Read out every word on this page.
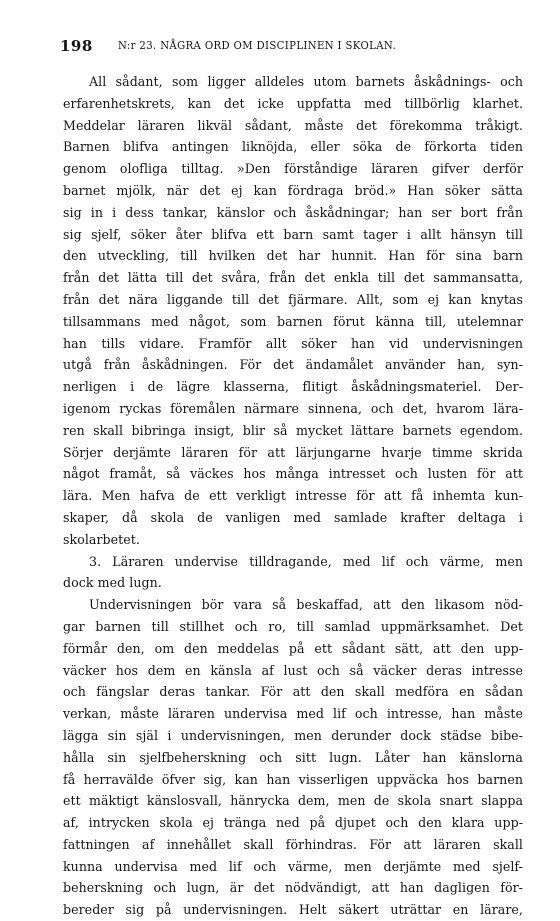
198 N:r 23. NÅGRA ORD OM DISCIPLINEN I SKOLAN.
All sådant, som ligger alldeles utom barnets åskådnings- och
erfarenhetskrets, kan det icke uppfatta med tillbörlig klarhet.
Meddelar läraren likväl sådant, måste det förekomma tråkigt.
Barnen blifva antingen liknöjda, eller söka de förkorta tiden
genom olofliga tilltag. »Den förståndige läraren gifver derför
barnet mjölk, när det ej kan fördraga bröd.» Han söker sätta
sig in i dess tankar, känslor och åskådningar; han ser bort från
sig sjelf, söker åter blifva ett barn samt tager i allt hänsyn till
den utveckling, till hvilken det har hunnit. Han för sina barn
från det lätta till det svåra, från det enkla till det sammansatta,
från det nära liggande till det fjärmare. Allt, som ej kan knytas
tillsammans med något, som barnen förut känna till, utelemnar
han tills vidare. Framför allt söker han vid undervisningen
utgå från åskådningen. För det ändamålet använder han, syn-
nerligen i de lägre klasserna, flitigt åskådningsmateriel. Der-
igenom ryckas föremålen närmare sinnena, och det, hvarom lära-
ren skall bibringa insigt, blir så mycket lättare barnets egendom.
Sörjer derjämte läraren för att lärjungarne hvarje timme skrida
något framåt, så väckes hos många intresset och lusten för att
lära. Men hafva de ett verkligt intresse för att få inhemta kun-
skaper, då skola de vanligen med samlade krafter deltaga i
skolarbetet.
3. Läraren undervise tilldragande, med lif och värme, men
dock med lugn.
Undervisningen bör vara så beskaffad, att den likasom nöd-
gar barnen till stillhet och ro, till samlad uppmärksamhet. Det
förmår den, om den meddelas på ett sådant sätt, att den upp-
väcker hos dem en känsla af lust och så väcker deras intresse
och fängslar deras tankar. För att den skall medföra en sådan
verkan, måste läraren undervisa med lif och intresse, han måste
lägga sin själ i undervisningen, men derunder dock städse bibe-
hålla sin sjelfbeherskning och sitt lugn. Låter han känslorna
få herravälde öfver sig, kan han visserligen uppväcka hos barnen
ett mäktigt känslosvall, hänrycka dem, men de skola snart slappa
af, intrycken skola ej tränga ned på djupet och den klara upp-
fattningen af innehållet skall förhindras. För att läraren skall
kunna undervisa med lif och värme, men derjämte med sjelf-
beherskning och lugn, är det nödvändigt, att han dagligen för-
bereder sig på undervisningen. Helt säkert uträttar en lärare,
